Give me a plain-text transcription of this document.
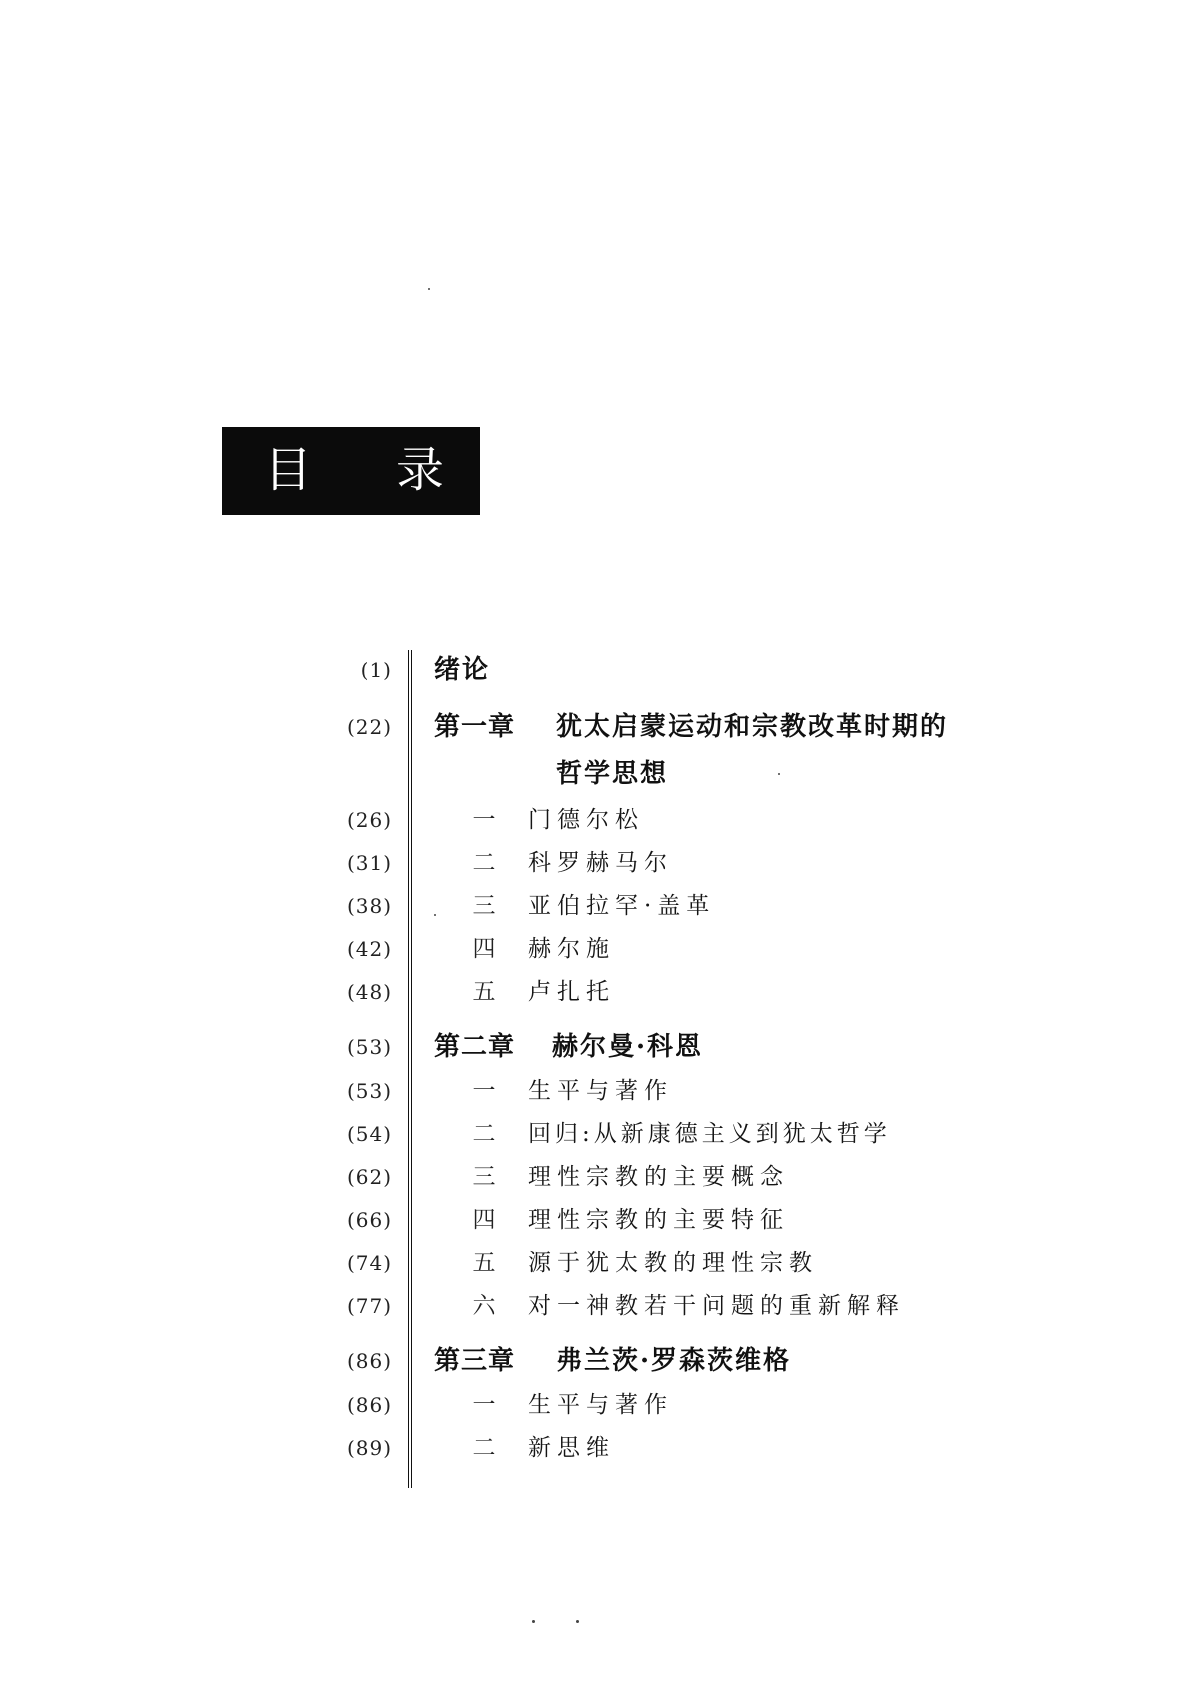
目 录
(1) 绪论
(22) 第一章 犹太启蒙运动和宗教改革时期的
哲学思想
(26)	一 门德尔松
(31)	二 科罗赫马尔
(38)	三 亚伯拉罕·盖革
(42)	四 赫尔施
(48)	五 卢扎托
(53) 第二章 赫尔曼·科恩
(53)	一 生平与著作
(54)	二 回归:从新康德主义到犹太哲学
(62)	三 理性宗教的主要概念
(66)	四 理性宗教的主要特征
(74)	五 源于犹太教的理性宗教
(77)	六 对一神教若干问题的重新解释
(86) 第三章 弗兰茨·罗森茨维格
(86)	一 生平与著作
(89)	二 新思维
